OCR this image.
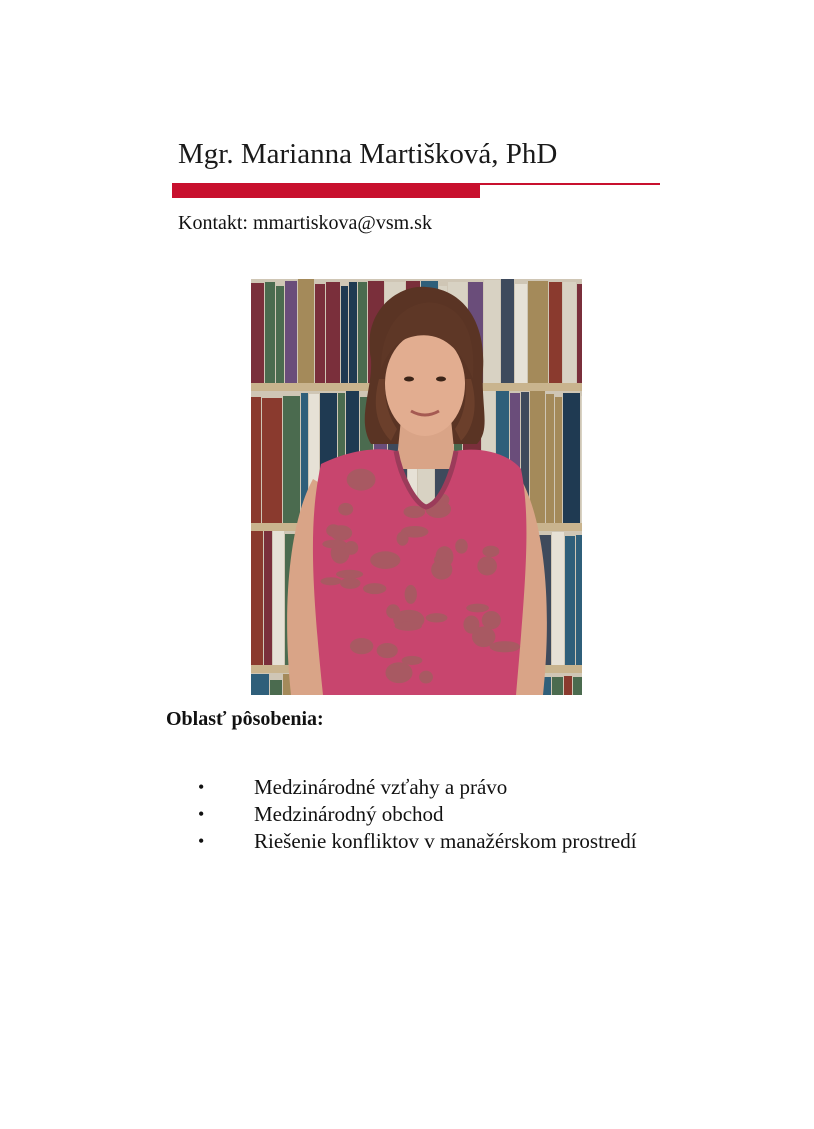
Mgr. Marianna Martišková, PhD
Kontakt: mmartiskova@vsm.sk
Oblasť pôsobenia:
• Medzinárodné vzťahy a právo
• Medzinárodný obchod
• Riešenie konfliktov v manažérskom prostredí
